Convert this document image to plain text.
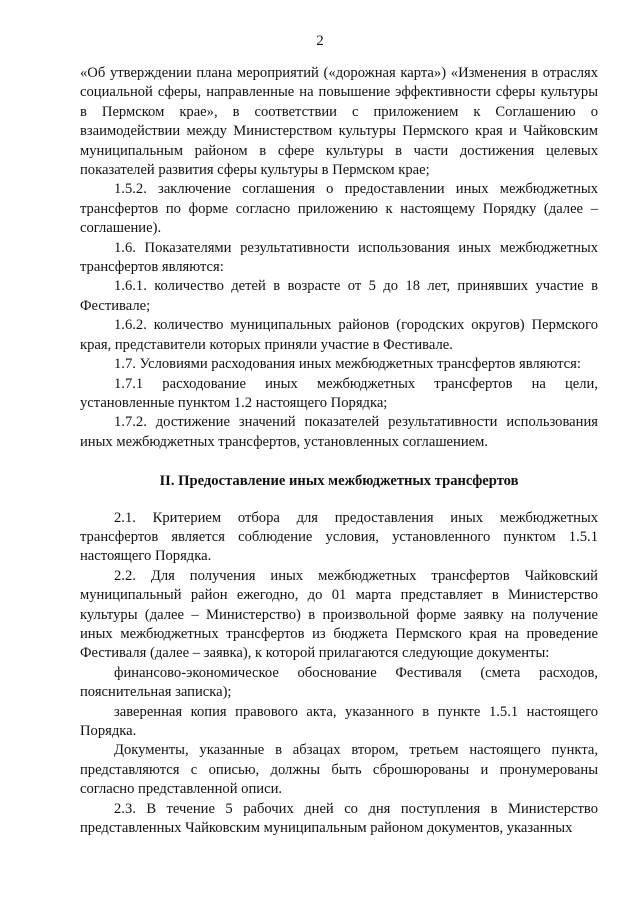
2

«Об утверждении плана мероприятий («дорожная карта») «Изменения в отраслях социальной сферы, направленные на повышение эффективности сферы культуры в Пермском крае», в соответствии с приложением к Соглашению о взаимодействии между Министерством культуры Пермского края и Чайковским муниципальным районом в сфере культуры в части достижения целевых показателей развития сферы культуры в Пермском крае;

1.5.2. заключение соглашения о предоставлении иных межбюджетных трансфертов по форме согласно приложению к настоящему Порядку (далее – соглашение).

1.6. Показателями результативности использования иных межбюджетных трансфертов являются:

1.6.1. количество детей в возрасте от 5 до 18 лет, принявших участие в Фестивале;

1.6.2. количество муниципальных районов (городских округов) Пермского края, представители которых приняли участие в Фестивале.

1.7. Условиями расходования иных межбюджетных трансфертов являются:

1.7.1 расходование иных межбюджетных трансфертов на цели, установленные пунктом 1.2 настоящего Порядка;

1.7.2. достижение значений показателей результативности использования иных межбюджетных трансфертов, установленных соглашением.

II. Предоставление иных межбюджетных трансфертов

2.1. Критерием отбора для предоставления иных межбюджетных трансфертов является соблюдение условия, установленного пунктом 1.5.1 настоящего Порядка.

2.2. Для получения иных межбюджетных трансфертов Чайковский муниципальный район ежегодно, до 01 марта представляет в Министерство культуры (далее – Министерство) в произвольной форме заявку на получение иных межбюджетных трансфертов из бюджета Пермского края на проведение Фестиваля (далее – заявка), к которой прилагаются следующие документы:

финансово-экономическое обоснование Фестиваля (смета расходов, пояснительная записка);

заверенная копия правового акта, указанного в пункте 1.5.1 настоящего Порядка.

Документы, указанные в абзацах втором, третьем настоящего пункта, представляются с описью, должны быть сброшюрованы и пронумерованы согласно представленной описи.

2.3. В течение 5 рабочих дней со дня поступления в Министерство представленных Чайковским муниципальным районом документов, указанных
